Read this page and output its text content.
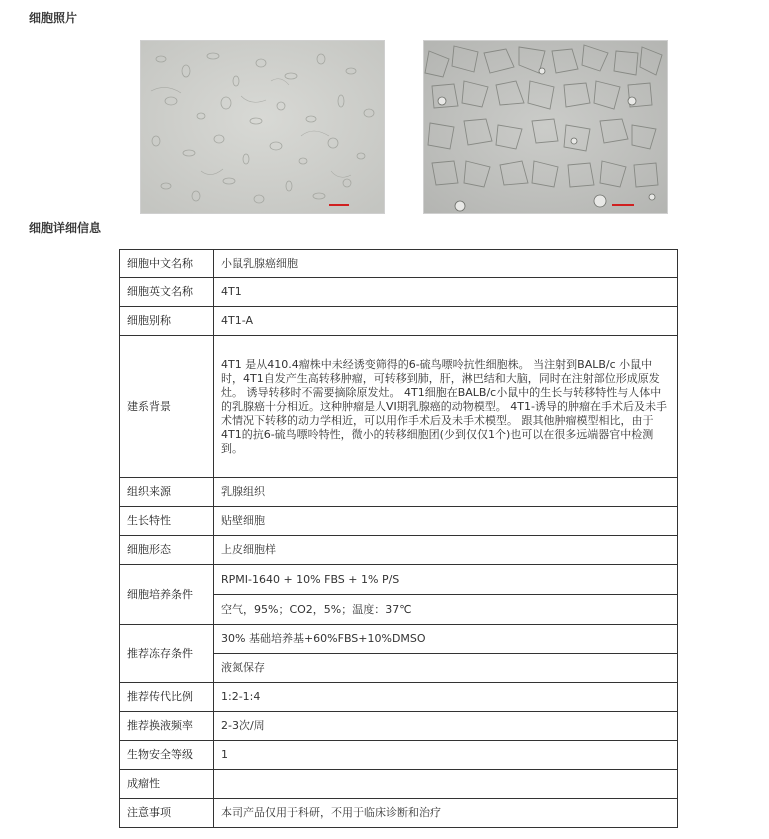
细胞照片
细胞详细信息
细胞中文名称	小鼠乳腺癌细胞
细胞英文名称	4T1
细胞别称	4T1-A
建系背景	4T1 是从410.4瘤株中未经诱变筛得的6-硫鸟嘌呤抗性细胞株。 当注射到BALB/c 小鼠中时，4T1自发产生高转移肿瘤，可转移到肺，肝，淋巴结和大脑，同时在注射部位形成原发灶。 诱导转移时不需要摘除原发灶。 4T1细胞在BALB/c小鼠中的生长与转移特性与人体中的乳腺癌十分相近。这种肿瘤是人VI期乳腺癌的动物模型。 4T1-诱导的肿瘤在手术后及未手术情况下转移的动力学相近，可以用作手术后及未手术模型。 跟其他肿瘤模型相比，由于4T1的抗6-硫鸟嘌呤特性，微小的转移细胞团(少到仅仅1个)也可以在很多远端器官中检测到。
组织来源	乳腺组织
生长特性	贴壁细胞
细胞形态	上皮细胞样
细胞培养条件	RPMI-1640 + 10% FBS + 1% P/S
	空气，95%；CO2，5%；温度：37℃
推荐冻存条件	30% 基础培养基+60%FBS+10%DMSO
	液氮保存
推荐传代比例	1:2-1:4
推荐换液频率	2-3次/周
生物安全等级	1
成瘤性	
注意事项	本司产品仅用于科研，不用于临床诊断和治疗
